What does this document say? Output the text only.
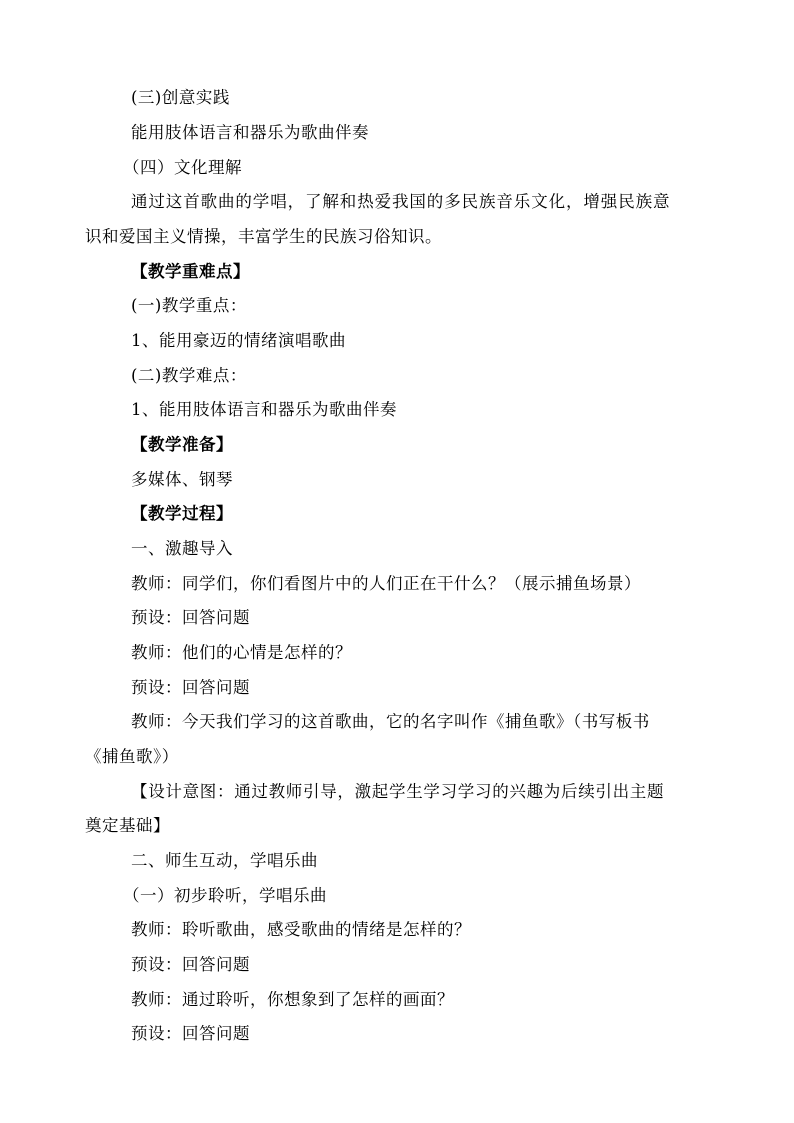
(三)创意实践
能用肢体语言和器乐为歌曲伴奏
（四）文化理解
通过这首歌曲的学唱，了解和热爱我国的多民族音乐文化，增强民族意
识和爱国主义情操，丰富学生的民族习俗知识。
【教学重难点】
(一)教学重点：
1、能用豪迈的情绪演唱歌曲
(二)教学难点：
1、能用肢体语言和器乐为歌曲伴奏
【教学准备】
多媒体、钢琴
【教学过程】
一、激趣导入
教师：同学们，你们看图片中的人们正在干什么？（展示捕鱼场景）
预设：回答问题
教师：他们的心情是怎样的？
预设：回答问题
教师：今天我们学习的这首歌曲，它的名字叫作《捕鱼歌》（书写板书
《捕鱼歌》）
【设计意图：通过教师引导，激起学生学习学习的兴趣为后续引出主题
奠定基础】
二、师生互动，学唱乐曲
（一）初步聆听，学唱乐曲
教师：聆听歌曲，感受歌曲的情绪是怎样的？
预设：回答问题
教师：通过聆听，你想象到了怎样的画面？
预设：回答问题
